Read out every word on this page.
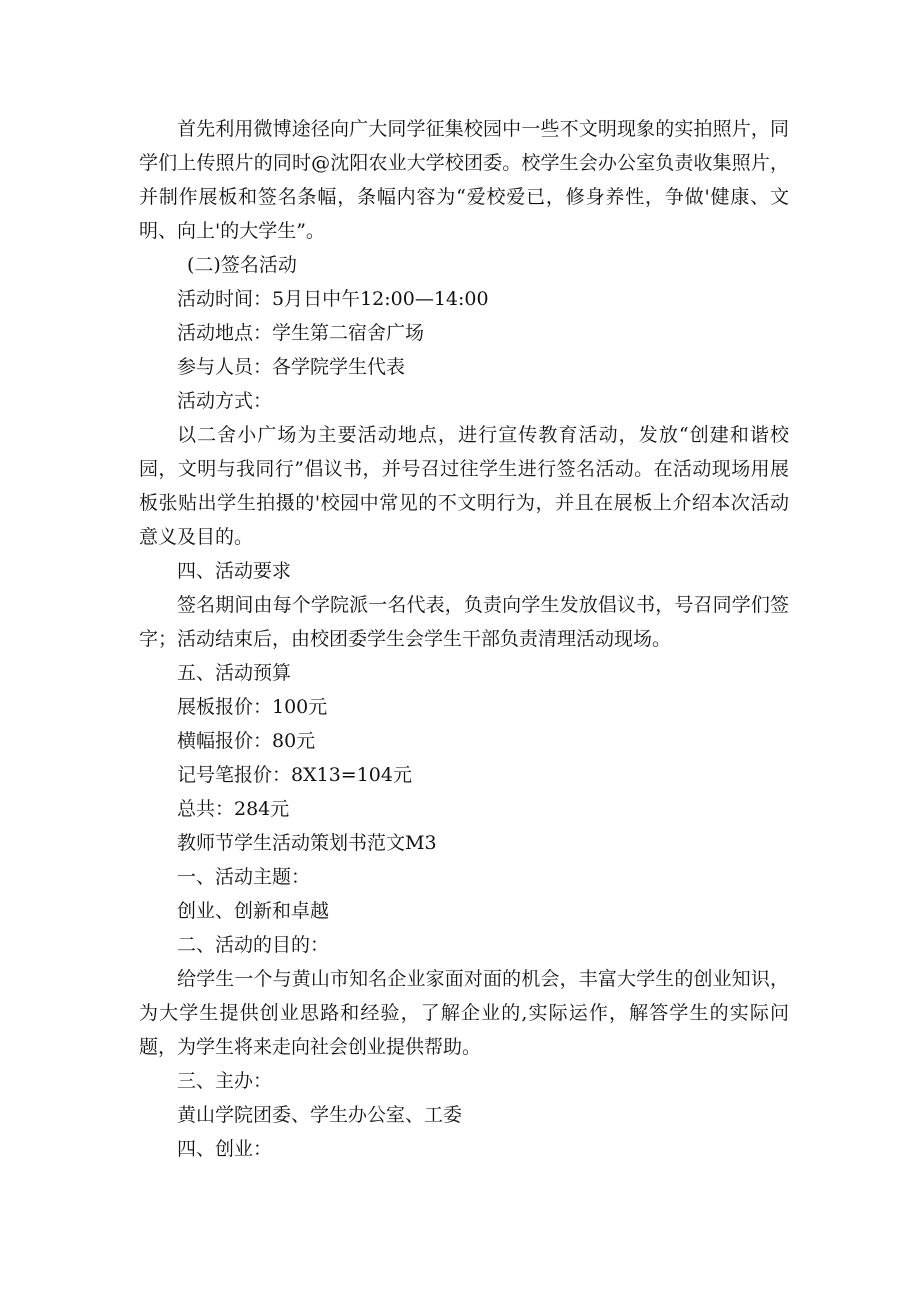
首先利用微博途径向广大同学征集校园中一些不文明现象的实拍照片，同学们上传照片的同时@沈阳农业大学校团委。校学生会办公室负责收集照片，并制作展板和签名条幅，条幅内容为“爱校爱已，修身养性，争做'健康、文明、向上'的大学生”。

(二)签名活动

活动时间：5月日中午12:00—14:00

活动地点：学生第二宿舍广场

参与人员：各学院学生代表

活动方式：

以二舍小广场为主要活动地点，进行宣传教育活动，发放“创建和谐校园，文明与我同行”倡议书，并号召过往学生进行签名活动。在活动现场用展板张贴出学生拍摄的'校园中常见的不文明行为，并且在展板上介绍本次活动意义及目的。

四、活动要求

签名期间由每个学院派一名代表，负责向学生发放倡议书，号召同学们签字；活动结束后，由校团委学生会学生干部负责清理活动现场。

五、活动预算

展板报价：100元

横幅报价：80元

记号笔报价：8X13=104元

总共：284元

教师节学生活动策划书范文M3

一、活动主题：

创业、创新和卓越

二、活动的目的：

给学生一个与黄山市知名企业家面对面的机会，丰富大学生的创业知识，为大学生提供创业思路和经验，了解企业的,实际运作，解答学生的实际问题，为学生将来走向社会创业提供帮助。

三、主办：

黄山学院团委、学生办公室、工委

四、创业：
